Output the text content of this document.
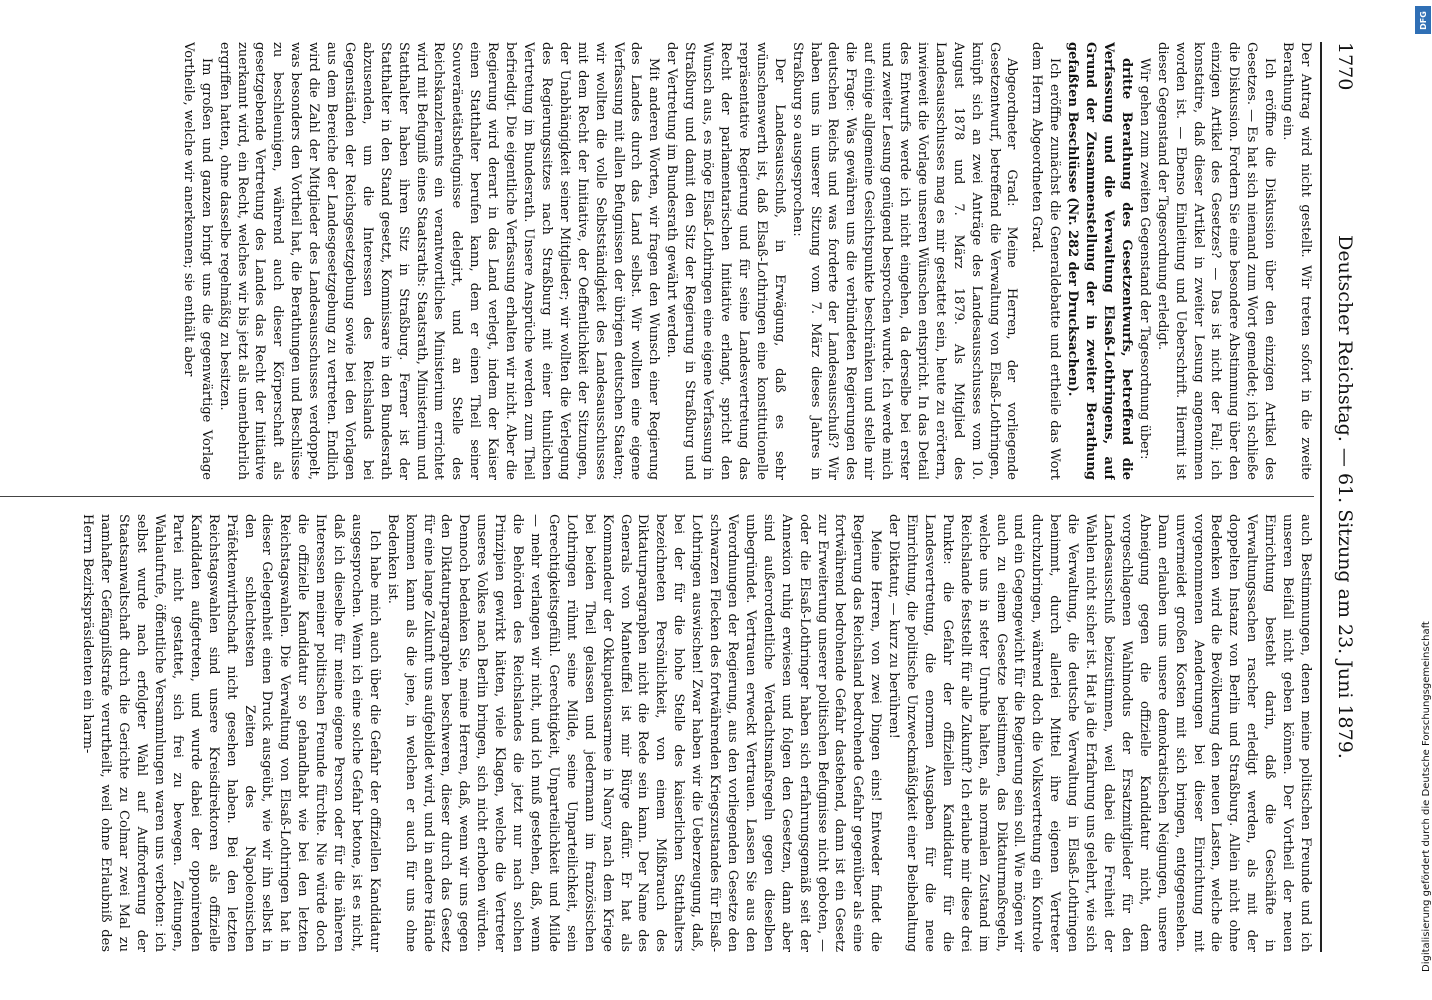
1770
Deutscher Reichstag. — 61. Sitzung am 23. Juni 1879.

Der Antrag wird nicht gestellt. Wir treten sofort in die zweite Berathung ein.

Ich eröffne die Diskussion über den einzigen Artikel des Gesetzes. — Es hat sich niemand zum Wort gemeldet; ich schließe die Diskussion. Fordern Sie eine besondere Abstimmung über den einzigen Artikel des Gesetzes? — Das ist nicht der Fall; ich konstatire, daß dieser Artikel in zweiter Lesung angenommen worden ist. — Ebenso Einleitung und Ueberschrift. Hiermit ist dieser Gegenstand der Tagesordnung erledigt.

Wir gehen zum zweiten Gegenstand der Tagesordnung über:

dritte Berathung des Gesetzentwurfs, betreffend die Verfassung und die Verwaltung Elsaß-Lothringens, auf Grund der Zusammenstellung der in zweiter Berathung gefaßten Beschlüsse (Nr. 282 der Drucksachen).

Ich eröffne zunächst die Generaldebatte und ertheile das Wort dem Herrn Abgeordneten Grad.

Abgeordneter Grad: Meine Herren, der vorliegende Gesetzentwurf, betreffend die Verwaltung von Elsaß-Lothringen, knüpft sich an zwei Anträge des Landesausschusses vom 10. August 1878 und 7. März 1879. Als Mitglied des Landesausschusses mag es mir gestattet sein, heute zu erörtern, inwieweit die Vorlage unseren Wünschen entspricht. In das Detail des Entwurfs werde ich nicht eingehen, da derselbe bei erster und zweiter Lesung genügend besprochen wurde. Ich werde mich auf einige allgemeine Gesichtspunkte beschränken und stelle mir die Frage: Was gewähren uns die verbündeten Regierungen des deutschen Reichs und was forderte der Landesausschuß? Wir haben uns in unserer Sitzung vom 7. März dieses Jahres in Straßburg so ausgesprochen:

Der Landesausschuß, in Erwägung, daß es sehr wünschenswerth ist, daß Elsaß-Lothringen eine konstitutionelle repräsentative Regierung und für seine Landesvertretung das Recht der parlamentarischen Initiative erlangt, spricht den Wunsch aus, es möge Elsaß-Lothringen eine eigene Verfassung in Straßburg und damit den Sitz der Regierung in Straßburg und der Vertretung im Bundesrath gewährt werden.

Mit anderen Worten, wir fragen den Wunsch einer Regierung des Landes durch das Land selbst. Wir wollten eine eigene Verfassung mit allen Befugnissen der übrigen deutschen Staaten; wir wollten die volle Selbstständigkeit des Landesausschusses mit dem Recht der Initiative, der Oeffentlichkeit der Sitzungen, der Unabhängigkeit seiner Mitglieder; wir wollten die Verlegung des Regierungssitzes nach Straßburg mit einer thunlichen Vertretung im Bundesrath. Unsere Ansprüche werden zum Theil befriedigt. Die eigentliche Verfassung erhalten wir nicht. Aber die Regierung wird derart in das Land verlegt, indem der Kaiser einen Statthalter berufen kann, dem er einen Theil seiner Souveränetätsbefugnisse delegirt, und an Stelle des Reichskanzleramts ein verantwortliches Ministerium errichtet wird mit Befugniß eines Staatsraths: Staatsrath, Ministerium und Statthalter haben ihren Sitz in Straßburg. Ferner ist der Statthalter in den Stand gesetzt, Kommissare in den Bundesrath abzusenden, um die Interessen des Reichslands bei Gegenständen der Reichsgesetzgebung sowie bei den Vorlagen aus dem Bereiche der Landesgesetzgebung zu vertreten. Endlich wird die Zahl der Mitglieder des Landesausschusses verdoppelt, was besonders den Vortheil hat, die Berathungen und Beschlüsse zu beschleunigen, während auch dieser Körperschaft als gesetzgebende Vertretung des Landes das Recht der Initiative zuerkannt wird, ein Recht, welches wir bis jetzt als unentbehrlich ergriffen hatten, ohne dasselbe regelmäßig zu besitzen.

Im großen und ganzen bringt uns die gegenwärtige Vorlage Vortheile, welche wir anerkennen; sie enthält aber

auch Bestimmungen, denen meine politischen Freunde und ich unseren Beifall nicht geben können. Der Vortheil der neuen Einrichtung besteht darin, daß die Geschäfte in Verwaltungssachen rascher erledigt werden, als mit der doppelten Instanz von Berlin und Straßburg. Allein nicht ohne Bedenken wird die Bevölkerung den neuen Lasten, welche die vorgenommenen Aenderungen bei dieser Einrichtung mit unvermeidet großen Kosten mit sich bringen, entgegensehen. Dann erlauben uns unsere demokratischen Neigungen, unsere Abneigung gegen die offizielle Kandidatur nicht, dem vorgeschlagenen Wahlmodus der Ersatzmitglieder für den Landesausschuß beizustimmen, weil dabei die Freiheit der Wahlen nicht sicher ist. Hat ja die Erfahrung uns gelehrt, wie sich die Verwaltung, die deutsche Verwaltung in Elsaß-Lothringen benimmt, durch allerlei Mittel ihre eigenen Vertreter durchzubringen, während doch die Volksvertretung ein Kontrole und ein Gegengewicht für die Regierung sein soll. Wie mögen wir auch zu einem Gesetze beistimmen, das Diktaturmaßregeln, welche uns in steter Unruhe halten, als normalen Zustand im Reichslande feststellt für alle Zukunft? Ich erlaube mir diese drei Punkte: die Gefahr der offiziellen Kandidatur für die Landesvertretung, die enormen Ausgaben für die neue Einrichtung, die politische Unzweckmäßigkeit einer Beibehaltung der Diktatur, — kurz zu berühren!

Meine Herren, von zwei Dingen eins! Entweder findet die Regierung das Reichsland bedrohende Gefahr gegenüber als eine fortwährend bedrohende Gefahr dastehend, dann ist ein Gesetz zur Erweiterung unserer politischen Befugnisse nicht geboten, — oder die Elsaß-Lothringer haben sich erfahrungsgemäß seit der Annexion ruhig erwiesen und folgen den Gesetzen, dann aber sind außerordentliche Verdachtsmaßregeln gegen dieselben unbegründet. Vertrauen erweckt Vertrauen. Lassen Sie aus den Verordnungen der Regierung, aus den vorliegenden Gesetze den schwarzen Flecken des fortwährenden Kriegszustandes für Elsaß-Lothringen auswischen! Zwar haben wir die Ueberzeugung, daß, bei der für die hohe Stelle des kaiserlichen Statthalters bezeichneten Persönlichkeit, von einem Mißbrauch des Diktaturparagraphen nicht die Rede sein kann. Der Name des Generals von Manteuffel ist mir Bürge dafür. Er hat als Kommandeur der Okkupationsarmee in Nancy nach dem Kriege bei beiden Theil gelassen und jedermann im französischen Lothringen rühmt seine Milde, seine Unparteilichkeit, sein Gerechtigkeitsgefühl. Gerechtigkeit, Unparteilichkeit und Milde — mehr verlangen wir nicht, und ich muß gestehen, daß, wenn die Behörden des Reichslandes die jetzt nur nach solchen Prinzipien gewirkt hätten, viele Klagen, welche die Vertreter unseres Volkes nach Berlin bringen, sich nicht erhoben würden. Dennoch bedenken Sie, meine Herren, daß, wenn wir uns gegen den Diktaturparagraphen beschweren, dieser durch das Gesetz für eine lange Zukunft uns aufgebildet wird, und in andere Hände kommen kann als die jene, in welchen er auch für uns ohne Bedenken ist.

Ich habe mich auch über die Gefahr der offiziellen Kandidatur ausgesprochen. Wenn ich eine solche Gefahr betone, ist es nicht, daß ich dieselbe für meine eigene Person oder für die näheren Interessen meiner politischen Freunde fürchte. Nie würde doch die offizielle Kandidatur so gehandhabt wie bei den letzten Reichstagswahlen. Die Verwaltung von Elsaß-Lothringen hat in dieser Gelegenheit einen Druck ausgeübt, wie wir ihn selbst in den schlechtesten Zeiten des Napoleonischen Präfektenwirthschaft nicht gesehen haben. Bei den letzten Reichstagswahlen sind unsere Kreisdirektoren als offizielle Kandidaten aufgetreten, und wurde dabei der opponirenden Partei nicht gestattet, sich frei zu bewegen. Zeitungen, Wahlaufrufe, öffentliche Versammlungen waren uns verboten: ich selbst wurde nach erfolgter Wahl auf Aufforderung der Staatsanwaltschaft durch die Gerichte zu Colmar zwei Mal zu namhafter Gefängnißstrafe verurtheilt, weil ohne Erlaubniß des Herrn Bezirkspräsidenten ein harm-

DFG
Digitalisierung gefördert durch die Deutsche Forschungsgemeinschaft
